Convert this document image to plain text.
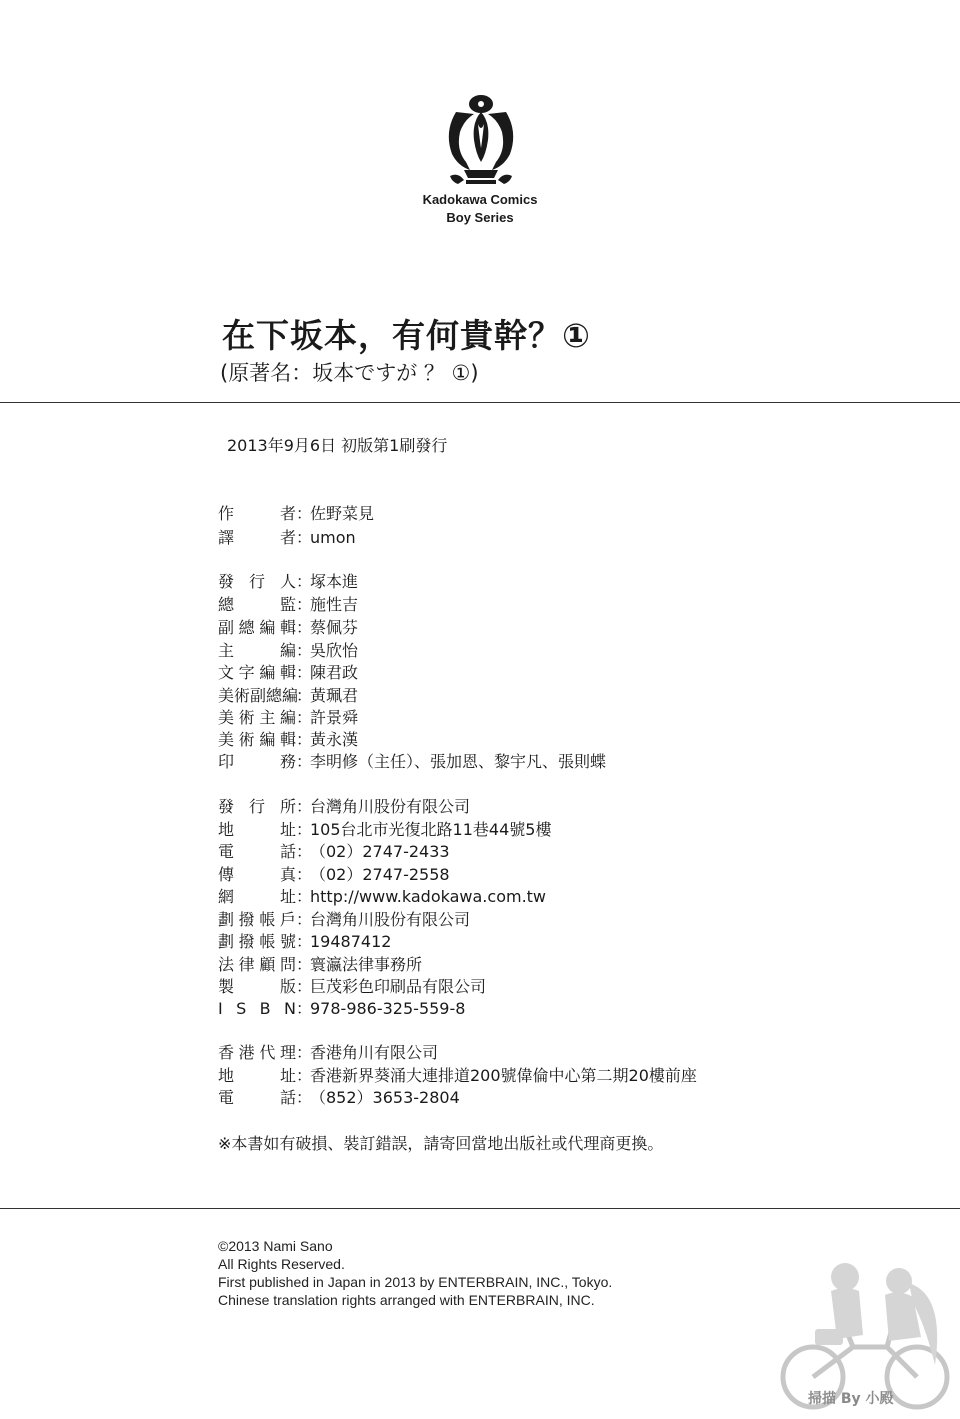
Kadokawa Comics
Boy Series
在下坂本，有何貴幹？①
(原著名：坂本ですが ？ ①)
2013年9月6日 初版第1刷發行
作 者：佐野菜見
譯 者：umon
發行人：塚本進
總 監：施性吉
副總編輯：蔡佩芬
主 編：吳欣怡
文字編輯：陳君政
美術副總編：黃珮君
美術主編：許景舜
美術編輯：黃永漢
印 務：李明修（主任）、張加恩、黎宇凡、張則蝶
發行所：台灣角川股份有限公司
地 址：105台北市光復北路11巷44號5樓
電 話：（02）2747-2433
傳 真：（02）2747-2558
網 址：http://www.kadokawa.com.tw
劃撥帳戶：台灣角川股份有限公司
劃撥帳號：19487412
法律顧問：寰瀛法律事務所
製 版：巨茂彩色印刷品有限公司
I S B N：978-986-325-559-8
香港代理：香港角川有限公司
地 址：香港新界葵涌大連排道200號偉倫中心第二期20樓前座
電 話：（852）3653-2804
※本書如有破損、裝訂錯誤，請寄回當地出版社或代理商更換。
©2013 Nami Sano
All Rights Reserved.
First published in Japan in 2013 by ENTERBRAIN, INC., Tokyo.
Chinese translation rights arranged with ENTERBRAIN, INC.
掃描 By 小殿
